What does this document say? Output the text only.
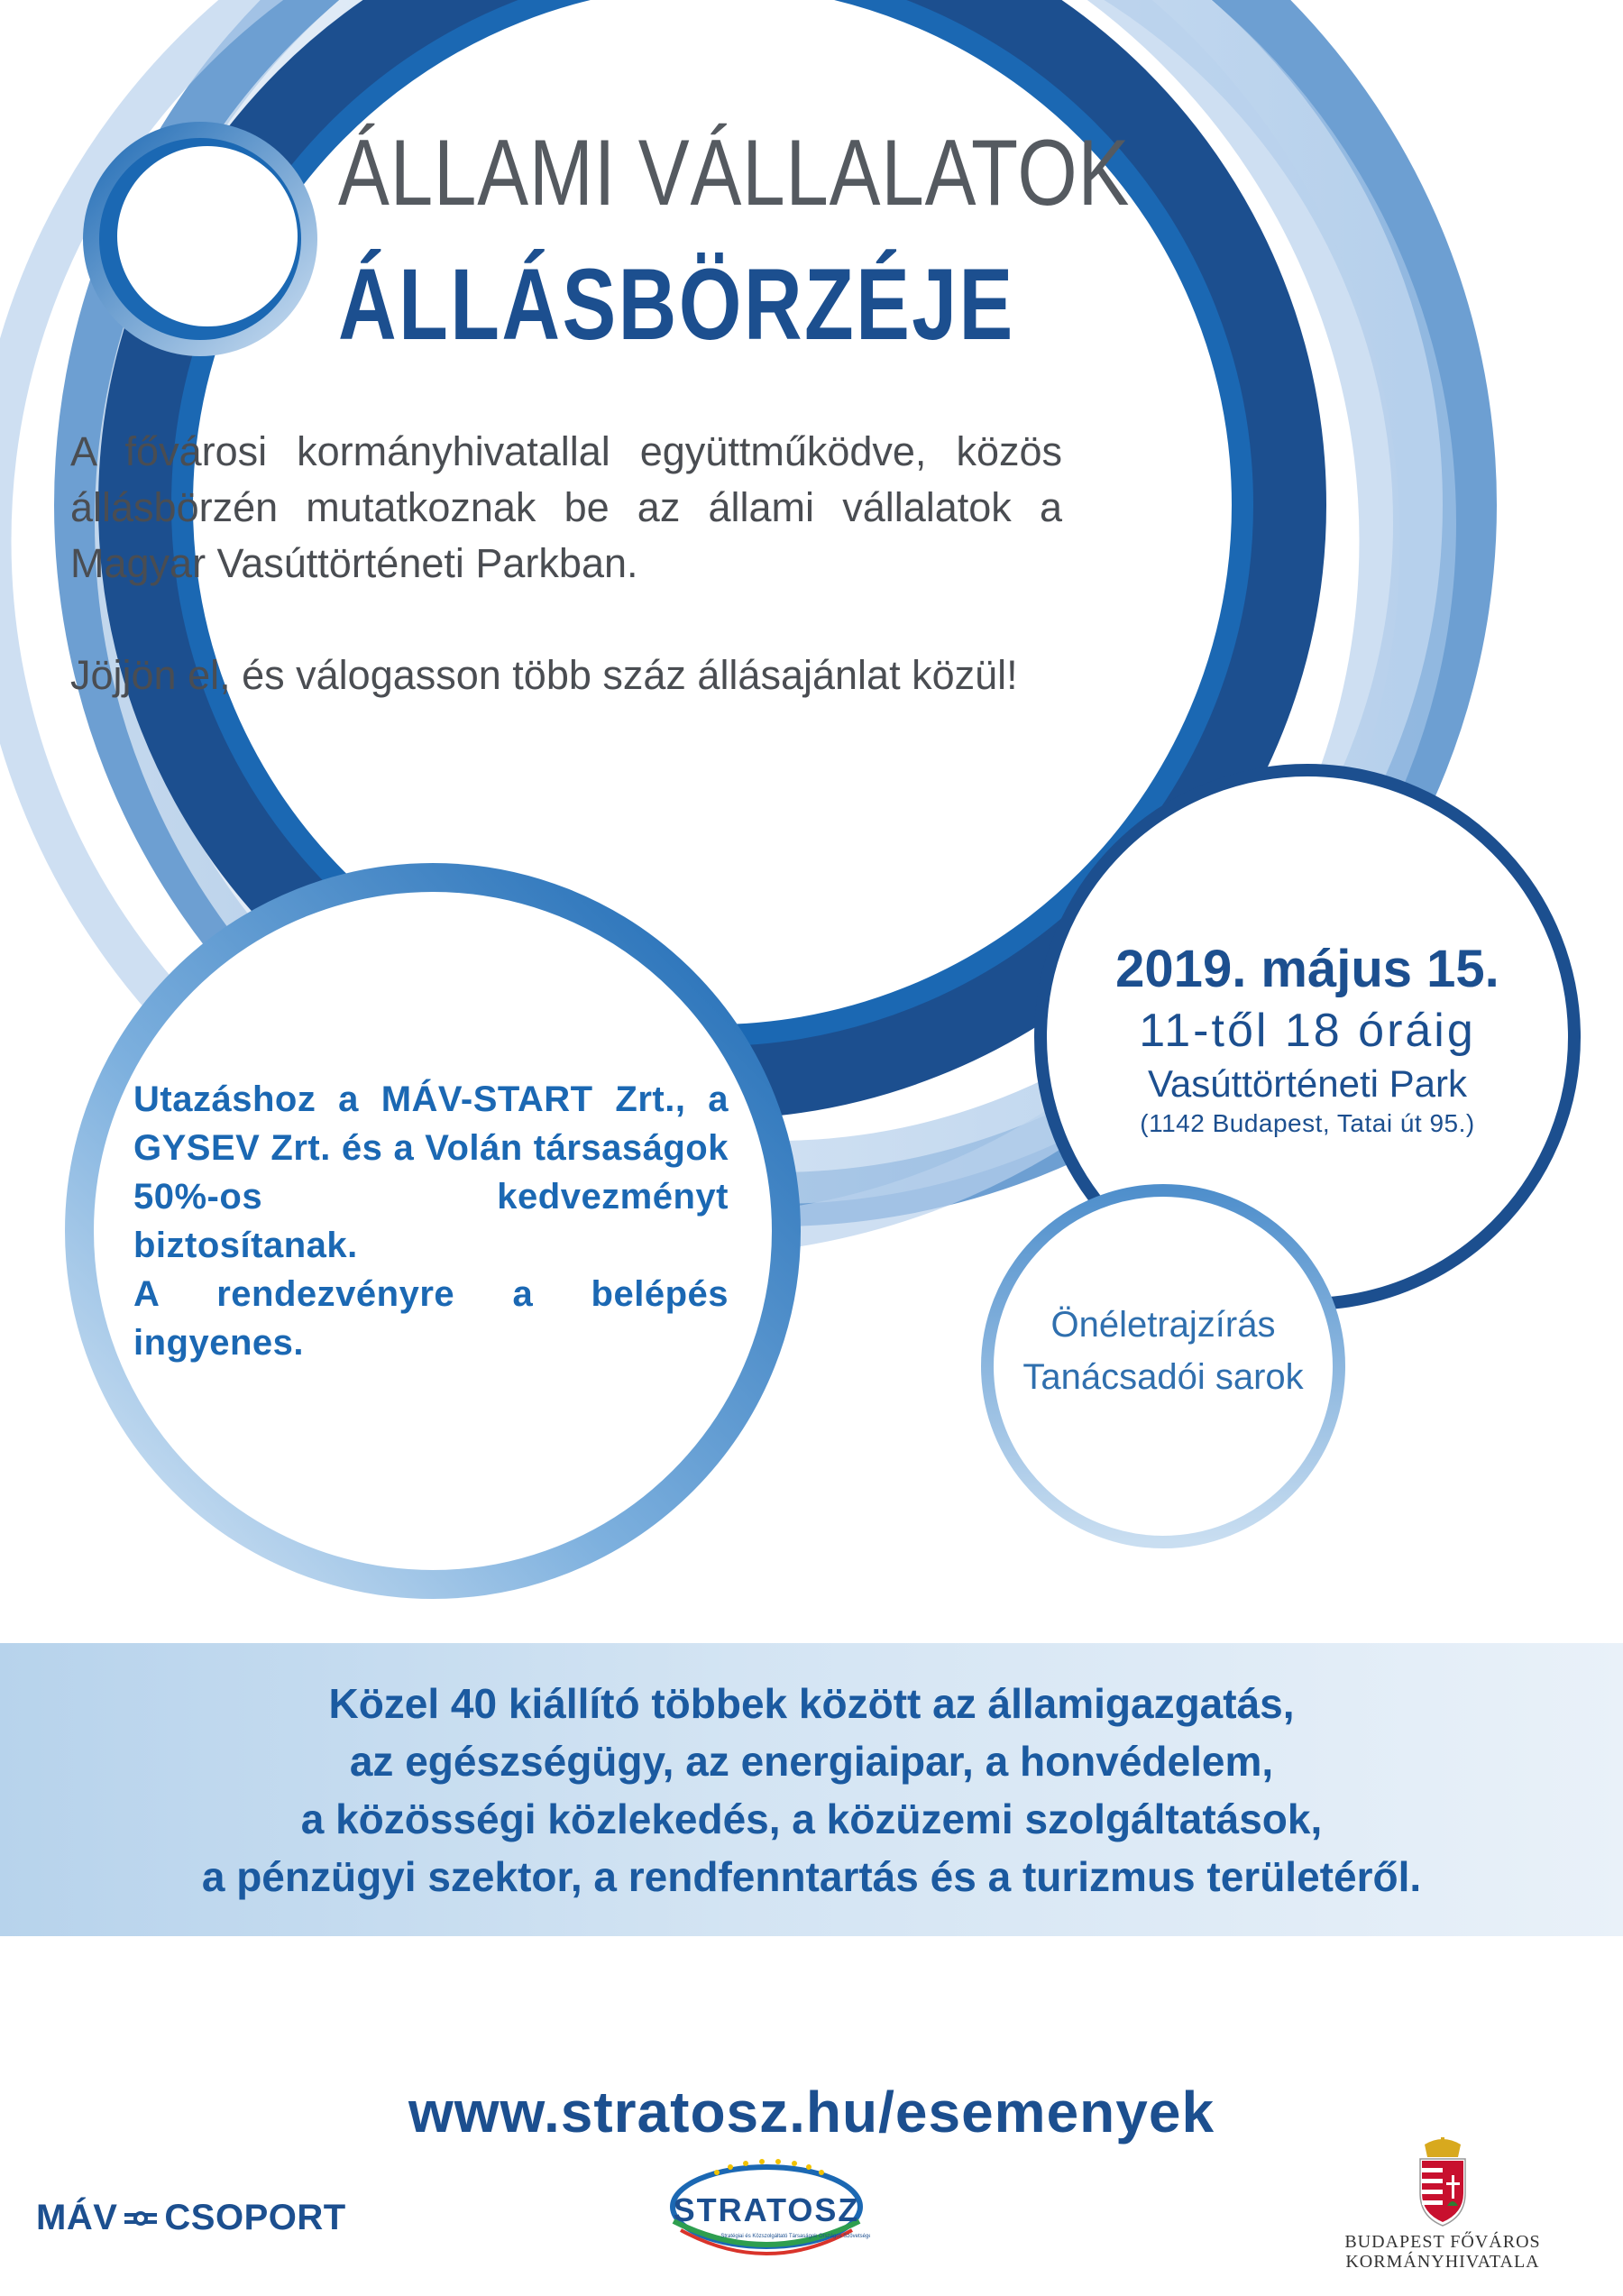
ÁLLAMI VÁLLALATOK
ÁLLÁSBÖRZÉJE

A fővárosi kormányhivatallal együttműködve, közös állásbörzén mutatkoznak be az állami vállalatok a Magyar Vasúttörténeti Parkban.

Jöjjön el, és válogasson több száz állásajánlat közül!

Utazáshoz a MÁV-START Zrt., a GYSEV Zrt. és a Volán társaságok 50%-os kedvezményt biztosítanak.
A rendezvényre a belépés ingyenes.
2019. május 15.
11-től 18 óráig
Vasúttörténeti Park
(1142 Budapest, Tatai út 95.)
Önéletrajzírás
Tanácsadói sarok
Közel 40 kiállító többek között az államigazgatás,
az egészségügy, az energiaipar, a honvédelem,
a közösségi közlekedés, a közüzemi szolgáltatások,
a pénzügyi szektor, a rendfenntartás és a turizmus területéről.
www.stratosz.hu/esemenyek
MÁV CSOPORT	STRATOSZ
Stratégiai és Közszolgáltató Társaságok Országos Szövetsége	BUDAPEST FŐVÁROS
KORMÁNYHIVATALA
